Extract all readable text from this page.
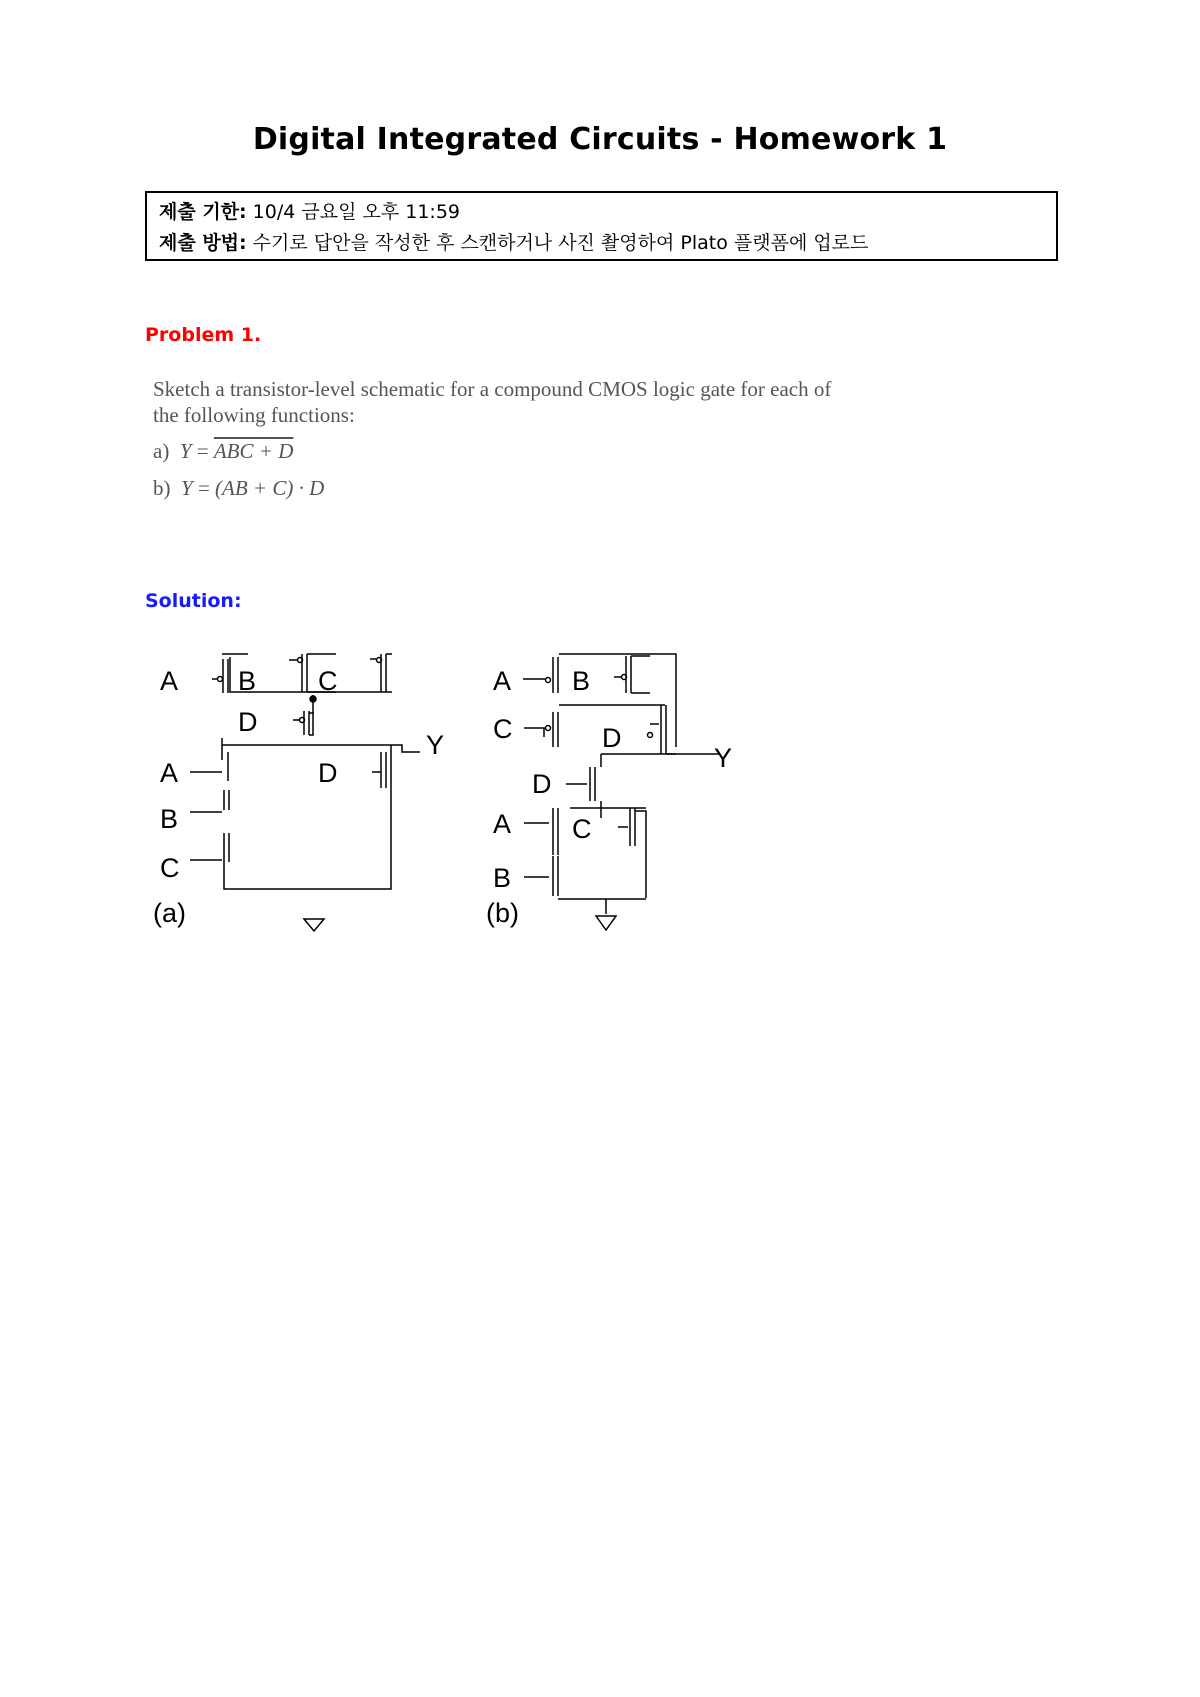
Digital Integrated Circuits - Homework 1
제출 기한: 10/4 금요일 오후 11:59
제출 방법: 수기로 답안을 작성한 후 스캔하거나 사진 촬영하여 Plato 플랫폼에 업로드
Problem 1.
Sketch a transistor-level schematic for a compound CMOS logic gate for each of
the following functions:
a) Y = ABC + D
b) Y = (AB + C) · D
Solution:
A B C
D
Y
A	D
B
C
(a)
A B
C	D
Y
D
A C
B
(b)
